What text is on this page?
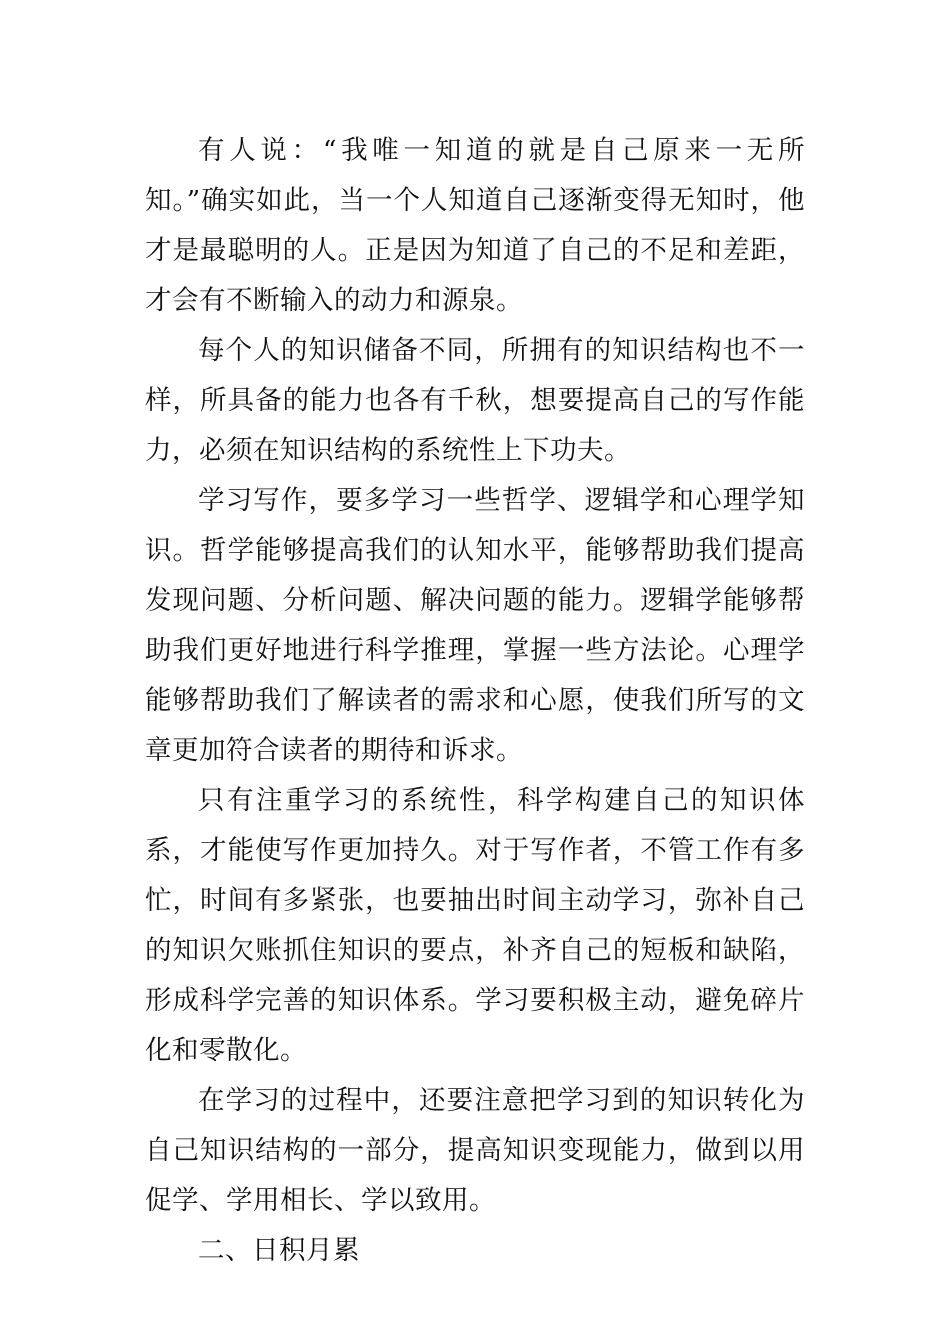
有人说：“我唯一知道的就是自己原来一无所知。”确实如此，当一个人知道自己逐渐变得无知时，他才是最聪明的人。正是因为知道了自己的不足和差距，才会有不断输入的动力和源泉。

每个人的知识储备不同，所拥有的知识结构也不一样，所具备的能力也各有千秋，想要提高自己的写作能力，必须在知识结构的系统性上下功夫。

学习写作，要多学习一些哲学、逻辑学和心理学知识。哲学能够提高我们的认知水平，能够帮助我们提高发现问题、分析问题、解决问题的能力。逻辑学能够帮助我们更好地进行科学推理，掌握一些方法论。心理学能够帮助我们了解读者的需求和心愿，使我们所写的文章更加符合读者的期待和诉求。

只有注重学习的系统性，科学构建自己的知识体系，才能使写作更加持久。对于写作者，不管工作有多忙，时间有多紧张，也要抽出时间主动学习，弥补自己的知识欠账抓住知识的要点，补齐自己的短板和缺陷，形成科学完善的知识体系。学习要积极主动，避免碎片化和零散化。

在学习的过程中，还要注意把学习到的知识转化为自己知识结构的一部分，提高知识变现能力，做到以用促学、学用相长、学以致用。

二、日积月累
